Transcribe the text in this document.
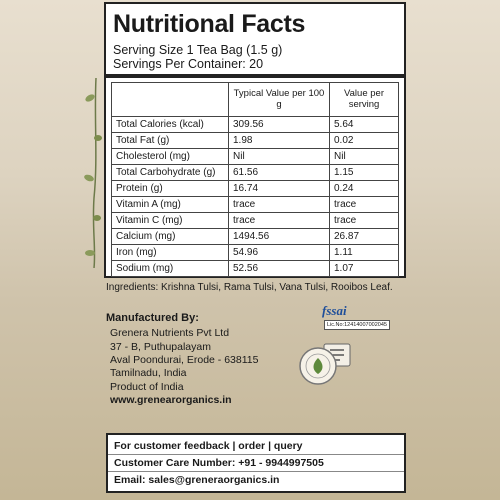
Nutritional Facts
Serving Size 1 Tea Bag (1.5 g)
Servings Per Container: 20
	Typical Value per 100 g	Value per serving
Total Calories (kcal)	309.56	5.64
Total Fat (g)	1.98	0.02
Cholesterol (mg)	Nil	Nil
Total Carbohydrate (g)	61.56	1.15
Protein (g)	16.74	0.24
Vitamin A (mg)	trace	trace
Vitamin C (mg)	trace	trace
Calcium (mg)	1494.56	26.87
Iron (mg)	54.96	1.11
Sodium (mg)	52.56	1.07
Ingredients: Krishna Tulsi, Rama Tulsi, Vana Tulsi, Rooibos Leaf.
Manufactured By:
Grenera Nutrients Pvt Ltd
37 - B, Puthupalayam
Aval Poondurai, Erode - 638115
Tamilnadu, India
Product of India
www.grenearorganics.in
fssai
Lic.No:12414007002045
For customer feedback | order | query
Customer Care Number: +91 - 9944997505
Email: sales@greneraorganics.in
